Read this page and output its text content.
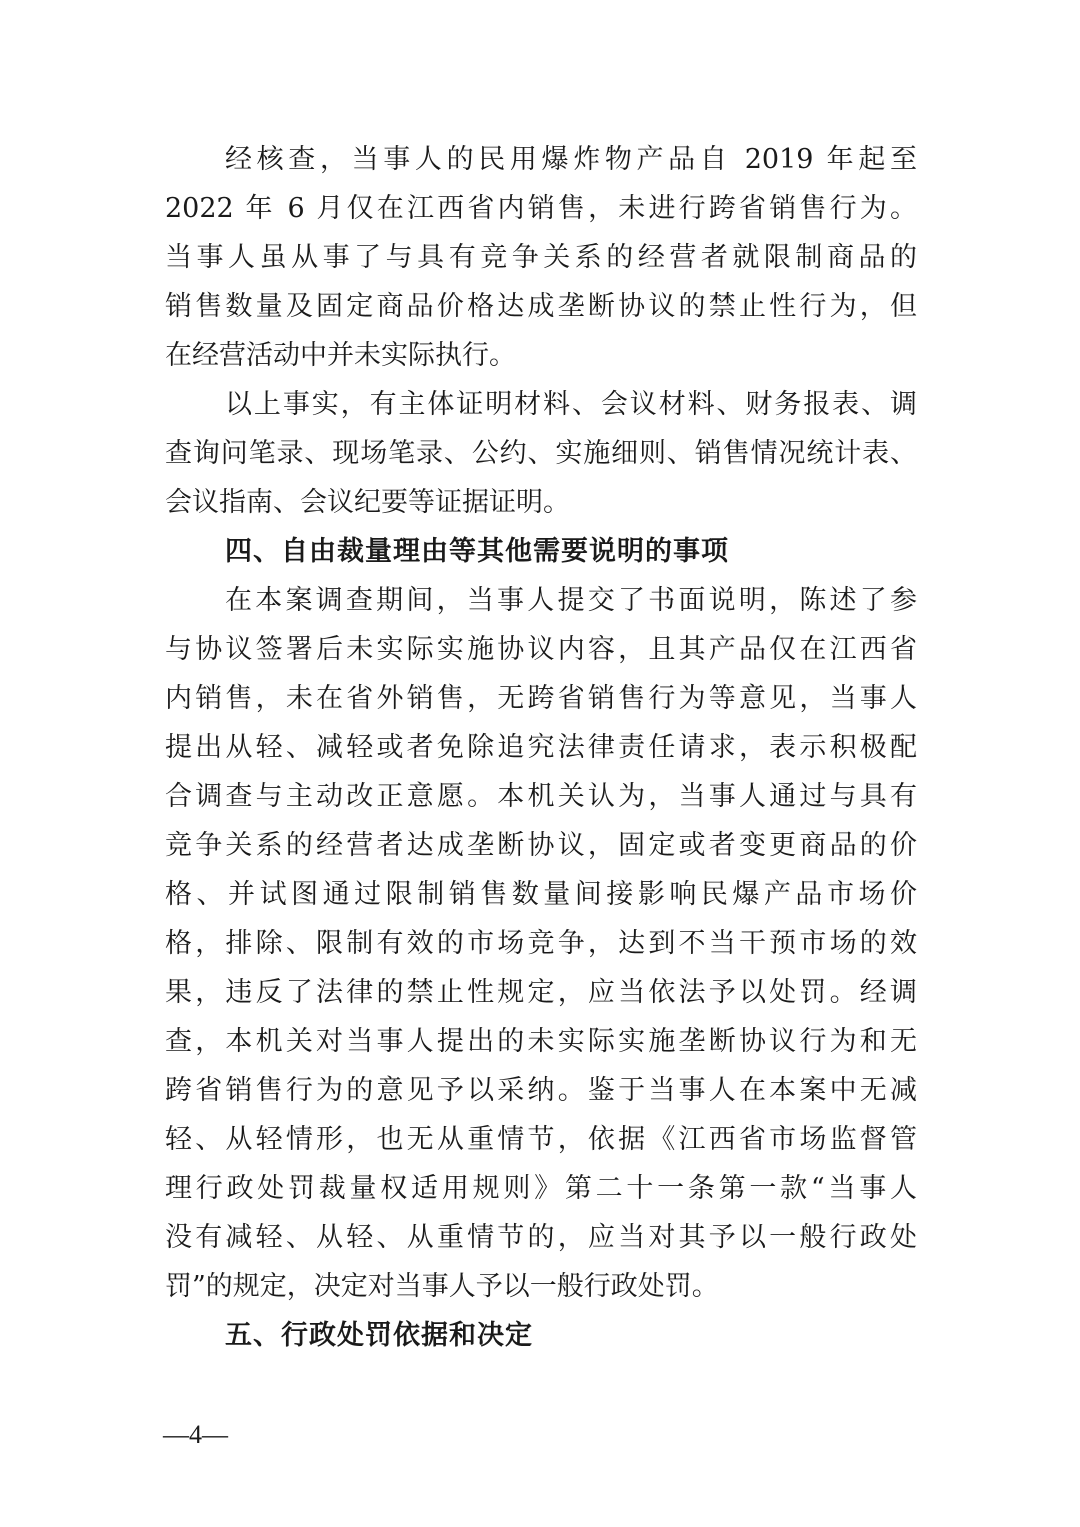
经核查，当事人的民用爆炸物产品自 2019 年起至
2022 年 6 月仅在江西省内销售，未进行跨省销售行为。
当事人虽从事了与具有竞争关系的经营者就限制商品的
销售数量及固定商品价格达成垄断协议的禁止性行为，但
在经营活动中并未实际执行。
以上事实，有主体证明材料、会议材料、财务报表、调
查询问笔录、现场笔录、公约、实施细则、销售情况统计表、
会议指南、会议纪要等证据证明。
四、自由裁量理由等其他需要说明的事项
在本案调查期间，当事人提交了书面说明，陈述了参
与协议签署后未实际实施协议内容，且其产品仅在江西省
内销售，未在省外销售，无跨省销售行为等意见，当事人
提出从轻、减轻或者免除追究法律责任请求，表示积极配
合调查与主动改正意愿。本机关认为，当事人通过与具有
竞争关系的经营者达成垄断协议，固定或者变更商品的价
格、并试图通过限制销售数量间接影响民爆产品市场价
格，排除、限制有效的市场竞争，达到不当干预市场的效
果，违反了法律的禁止性规定，应当依法予以处罚。经调
查，本机关对当事人提出的未实际实施垄断协议行为和无
跨省销售行为的意见予以采纳。鉴于当事人在本案中无减
轻、从轻情形，也无从重情节，依据《江西省市场监督管
理行政处罚裁量权适用规则》第二十一条第一款“当事人
没有减轻、从轻、从重情节的，应当对其予以一般行政处
罚”的规定，决定对当事人予以一般行政处罚。
五、行政处罚依据和决定
—4—
